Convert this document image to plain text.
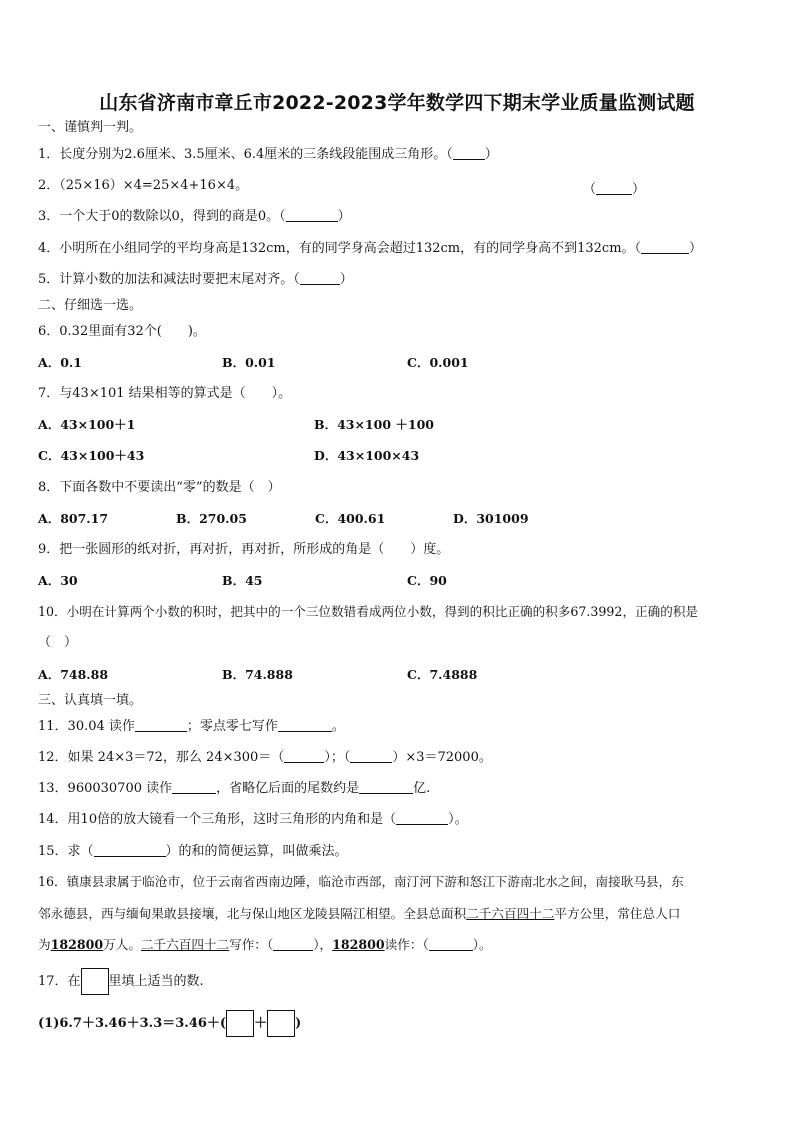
山东省济南市章丘市2022-2023学年数学四下期末学业质量监测试题
一、谨慎判一判。
1．长度分别为2.6厘米、3.5厘米、6.4厘米的三条线段能围成三角形。（ ）
2．（25×16）×4=25×4+16×4。	（	）
3．一个大于0的数除以0，得到的商是0。（	）
4．小明所在小组同学的平均身高是132cm，有的同学身高会超过132cm，有的同学身高不到132cm。（	）
5．计算小数的加法和减法时要把末尾对齐。（	）
二、仔细选一选。
6．0.32里面有32个(　　)。
A．0.1	B．0.01	C．0.001
7．与43×101 结果相等的算式是（　　）。
A．43×100＋1	B．43×100 ＋100
C．43×100＋43	D．43×100×43
8．下面各数中不要读出“零”的数是（　）
A．807.17	B．270.05	C．400.61	D．301009
9．把一张圆形的纸对折，再对折，再对折，所形成的角是（　　）度。
A．30	B．45	C．90
10．小明在计算两个小数的积时，把其中的一个三位数错看成两位小数，得到的积比正确的积多67.3992，正确的积是
（　）
A．748.88	B．74.888	C．7.4888
三、认真填一填。
11．30.04 读作	；零点零七写作	。
12．如果 24×3＝72，那么 24×300＝（	）；（	）×3＝72000。
13．960030700 读作	，省略亿后面的尾数约是	亿.
14．用10倍的放大镜看一个三角形，这时三角形的内角和是（	）。
15．求（	）的和的简便运算，叫做乘法。
16．镇康县隶属于临沧市，位于云南省西南边陲，临沧市西部，南汀河下游和怒江下游南北水之间，南接耿马县，东
邻永德县，西与缅甸果敢县接壤，北与保山地区龙陵县隔江相望。全县总面积二千六百四十二平方公里，常住总人口
为182800万人。二千六百四十二写作：（	），182800读作：（	）。
17．在 里填上适当的数.
(1)6.7＋3.46＋3.3＝3.46＋( ＋ )
